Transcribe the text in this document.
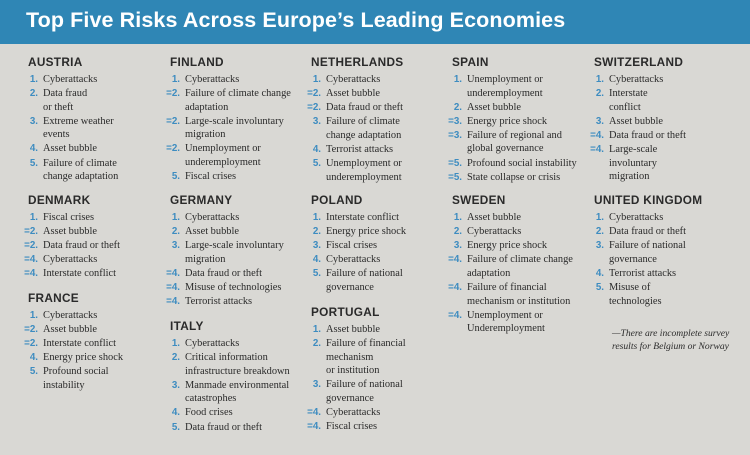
Top Five Risks Across Europe’s Leading Economies
AUSTRIA
1. Cyberattacks
2. Data fraud
or theft
3. Extreme weather
events
4. Asset bubble
5. Failure of climate
change adaptation
DENMARK
1. Fiscal crises
=2. Asset bubble
=2. Data fraud or theft
=4. Cyberattacks
=4. Interstate conflict
FRANCE
1. Cyberattacks
=2. Asset bubble
=2. Interstate conflict
4. Energy price shock
5. Profound social
instability
FINLAND
1. Cyberattacks
=2. Failure of climate change
adaptation
=2. Large-scale involuntary
migration
=2. Unemployment or
underemployment
5. Fiscal crises
GERMANY
1. Cyberattacks
2. Asset bubble
3. Large-scale involuntary
migration
=4. Data fraud or theft
=4. Misuse of technologies
=4. Terrorist attacks
ITALY
1. Cyberattacks
2. Critical information
infrastructure breakdown
3. Manmade environmental
catastrophes
4. Food crises
5. Data fraud or theft
NETHERLANDS
1. Cyberattacks
=2. Asset bubble
=2. Data fraud or theft
3. Failure of climate
change adaptation
4. Terrorist attacks
5. Unemployment or
underemployment
POLAND
1. Interstate conflict
2. Energy price shock
3. Fiscal crises
4. Cyberattacks
5. Failure of national
governance
PORTUGAL
1. Asset bubble
2. Failure of financial
mechanism
or institution
3. Failure of national
governance
=4. Cyberattacks
=4. Fiscal crises
SPAIN
1. Unemployment or
underemployment
2. Asset bubble
=3. Energy price shock
=3. Failure of regional and
global governance
=5. Profound social instability
=5. State collapse or crisis
SWEDEN
1. Asset bubble
2. Cyberattacks
3. Energy price shock
=4. Failure of climate change
adaptation
=4. Failure of financial
mechanism or institution
=4. Unemployment or
Underemployment
SWITZERLAND
1. Cyberattacks
2. Interstate
conflict
3. Asset bubble
=4. Data fraud or theft
=4. Large-scale
involuntary
migration
UNITED KINGDOM
1. Cyberattacks
2. Data fraud or theft
3. Failure of national
governance
4. Terrorist attacks
5. Misuse of
technologies
—There are incomplete survey
results for Belgium or Norway
